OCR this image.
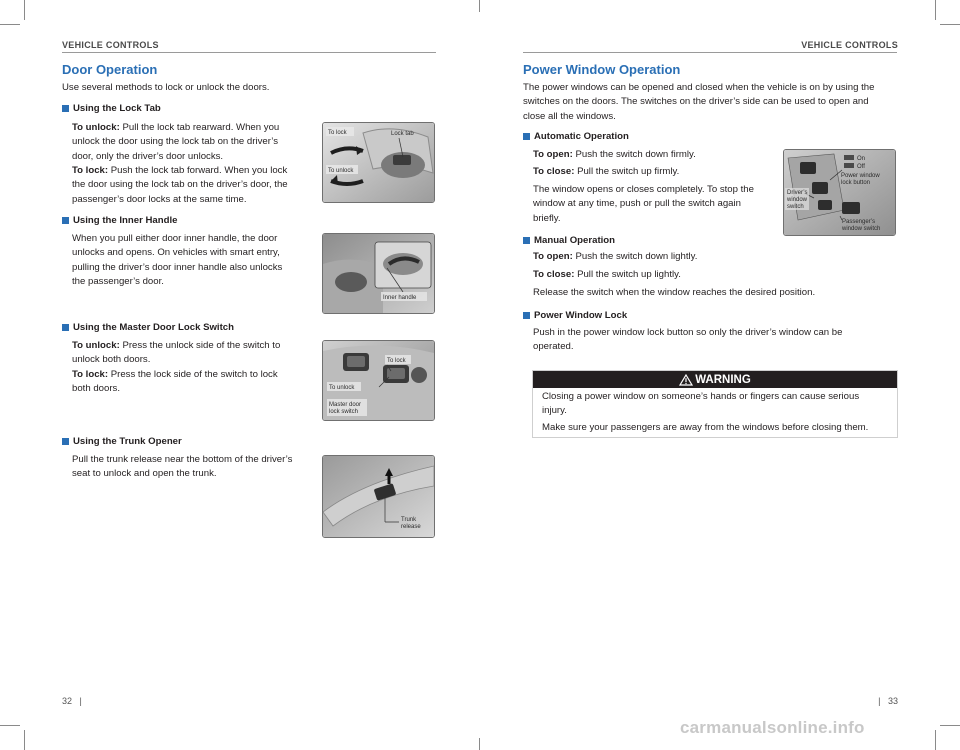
VEHICLE CONTROLS
Door Operation
Use several methods to lock or unlock the doors.
Using the Lock Tab
To unlock: Pull the lock tab rearward. When you
unlock the door using the lock tab on the driver’s
door, only the driver’s door unlocks.
To lock: Push the lock tab forward. When you lock
the door using the lock tab on the driver’s door, the
passenger’s door locks at the same time.
To lock	Lock tab
To unlock
Using the Inner Handle
When you pull either door inner handle, the door
unlocks and opens. On vehicles with smart entry,
pulling the driver’s door inner handle also unlocks
the passenger’s door.
Inner handle
Using the Master Door Lock Switch
To unlock: Press the unlock side of the switch to
unlock both doors.
To lock: Press the lock side of the switch to lock
both doors.
To lock
To unlock
Master door
lock switch
Using the Trunk Opener
Pull the trunk release near the bottom of the driver’s
seat to unlock and open the trunk.
Trunk
release
32 |
VEHICLE CONTROLS
Power Window Operation
The power windows can be opened and closed when the vehicle is on by using the
switches on the doors. The switches on the driver’s side can be used to open and
close all the windows.
Automatic Operation
To open: Push the switch down firmly.
To close: Pull the switch up firmly.
The window opens or closes completely. To stop the
window at any time, push or pull the switch again
briefly.
On
Off
Power window
lock button
Driver’s
window
switch
Passenger’s
window switch
Manual Operation
To open: Push the switch down lightly.
To close: Pull the switch up lightly.
Release the switch when the window reaches the desired position.
Power Window Lock
Push in the power window lock button so only the driver’s window can be
operated.
WARNING
Closing a power window on someone’s hands or fingers can cause serious
injury.
Make sure your passengers are away from the windows before closing them.
| 33
carmanualsonline.info
